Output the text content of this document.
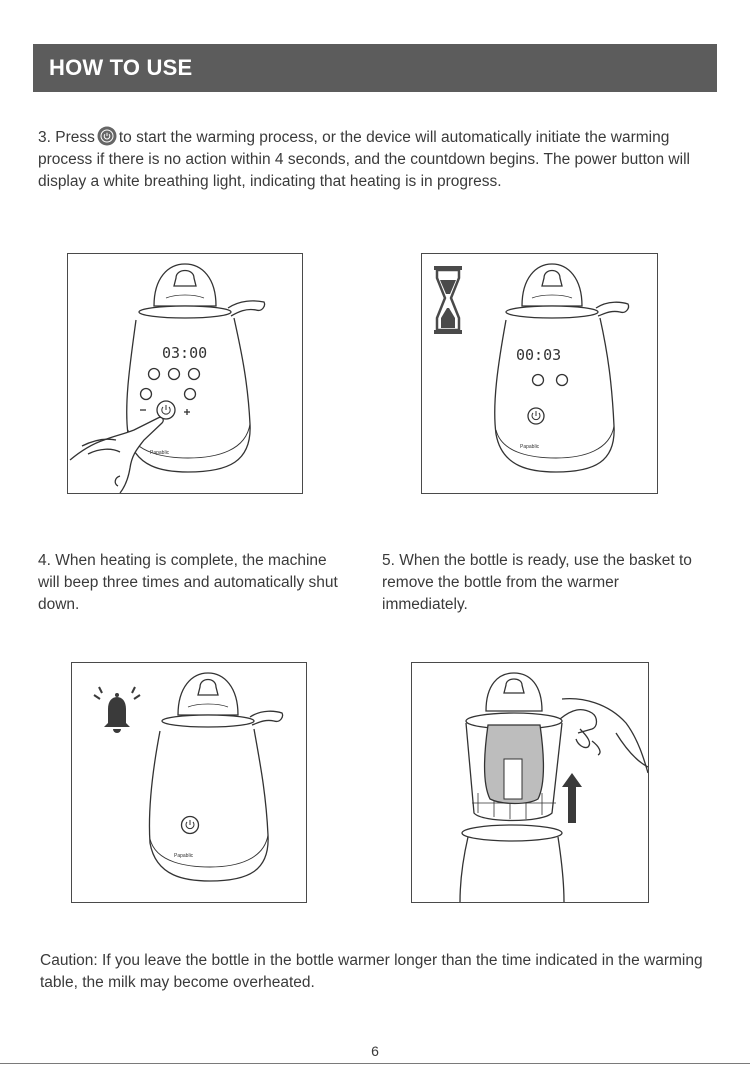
HOW TO USE
3. Press to start the warming process, or the device will automatically initiate the warming process if there is no action within 4 seconds, and the countdown begins. The power button will display a white breathing light, indicating that heating is in progress.
03:00
Papablic
00:03
Papablic
4. When heating is complete, the machine will beep three times and automatically shut down.
5. When the bottle is ready, use the basket to remove the bottle from the warmer immediately.
Papablic
Caution: If you leave the bottle in the bottle warmer longer than the time indicated in the warming table, the milk may become overheated.
6
